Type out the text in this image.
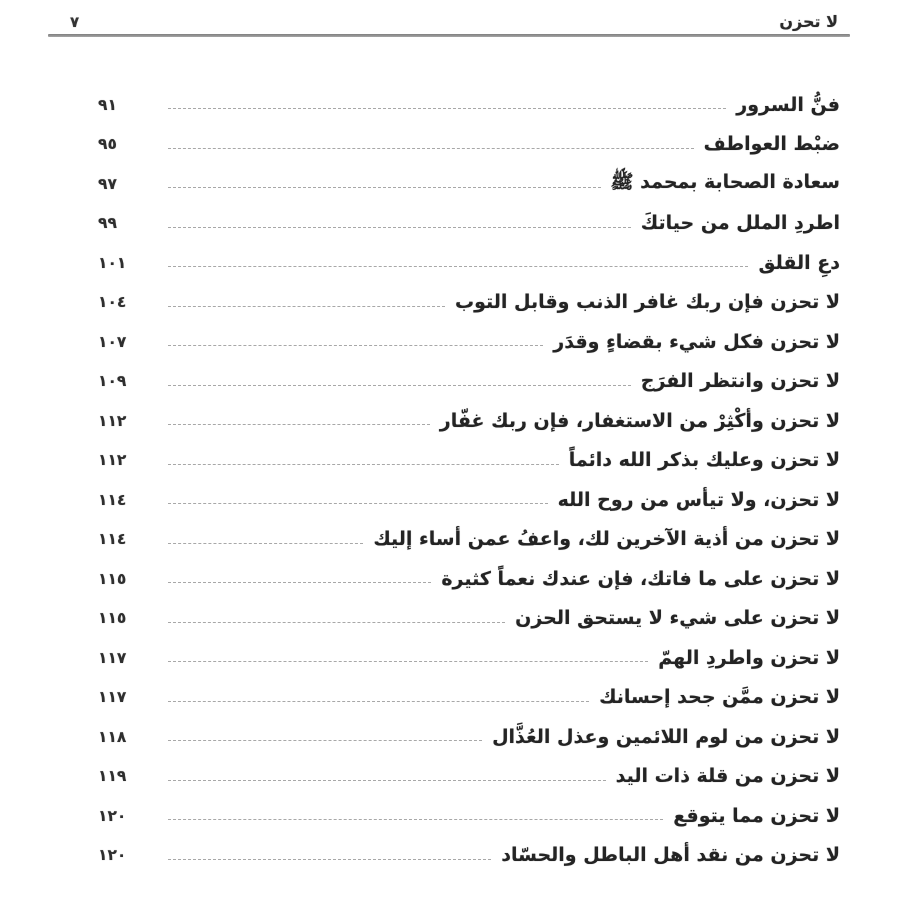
لا تحزن
٧
فنُّ السرور
٩١
ضبْط العواطف
٩٥
سعادة الصحابة بمحمد ﷺ
٩٧
اطردِ الملل من حياتكَ
٩٩
دعِ القلق
١٠١
لا تحزن فإن ربك غافر الذنب وقابل التوب
١٠٤
لا تحزن فكل شيء بقضاءٍ وقدَر
١٠٧
لا تحزن وانتظر الفرَج
١٠٩
لا تحزن وأكْثِرْ من الاستغفار، فإن ربك غفّار
١١٢
لا تحزن وعليك بذكر الله دائماً
١١٢
لا تحزن، ولا تيأس من روح الله
١١٤
لا تحزن من أذية الآخرين لك، واعفُ عمن أساء إليك
١١٤
لا تحزن على ما فاتك، فإن عندك نعماً كثيرة
١١٥
لا تحزن على شيء لا يستحق الحزن
١١٥
لا تحزن واطردِ الهمّ
١١٧
لا تحزن ممَّن جحد إحسانك
١١٧
لا تحزن من لوم اللائمين وعذل العُذَّال
١١٨
لا تحزن من قلة ذات اليد
١١٩
لا تحزن مما يتوقع
١٢٠
لا تحزن من نقد أهل الباطل والحسّاد
١٢٠
